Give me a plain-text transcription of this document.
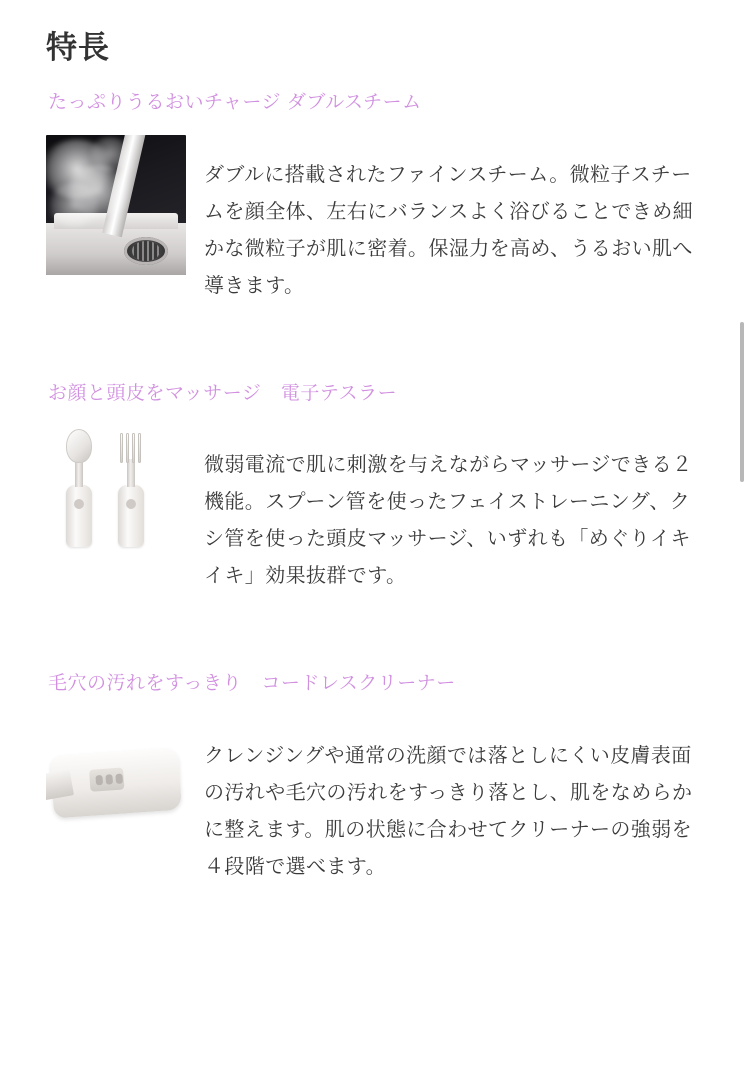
特長
たっぷりうるおいチャージ ダブルスチーム

ダブルに搭載されたファインスチーム。微粒子スチームを顔全体、左右にバランスよく浴びることできめ細かな微粒子が肌に密着。保湿力を高め、うるおい肌へ導きます。

お顔と頭皮をマッサージ　電子テスラー

微弱電流で肌に刺激を与えながらマッサージできる２機能。スプーン管を使ったフェイストレーニング、クシ管を使った頭皮マッサージ、いずれも「めぐりイキイキ」効果抜群です。

毛穴の汚れをすっきり　コードレスクリーナー

クレンジングや通常の洗顔では落としにくい皮膚表面の汚れや毛穴の汚れをすっきり落とし、肌をなめらかに整えます。肌の状態に合わせてクリーナーの強弱を４段階で選べます。
